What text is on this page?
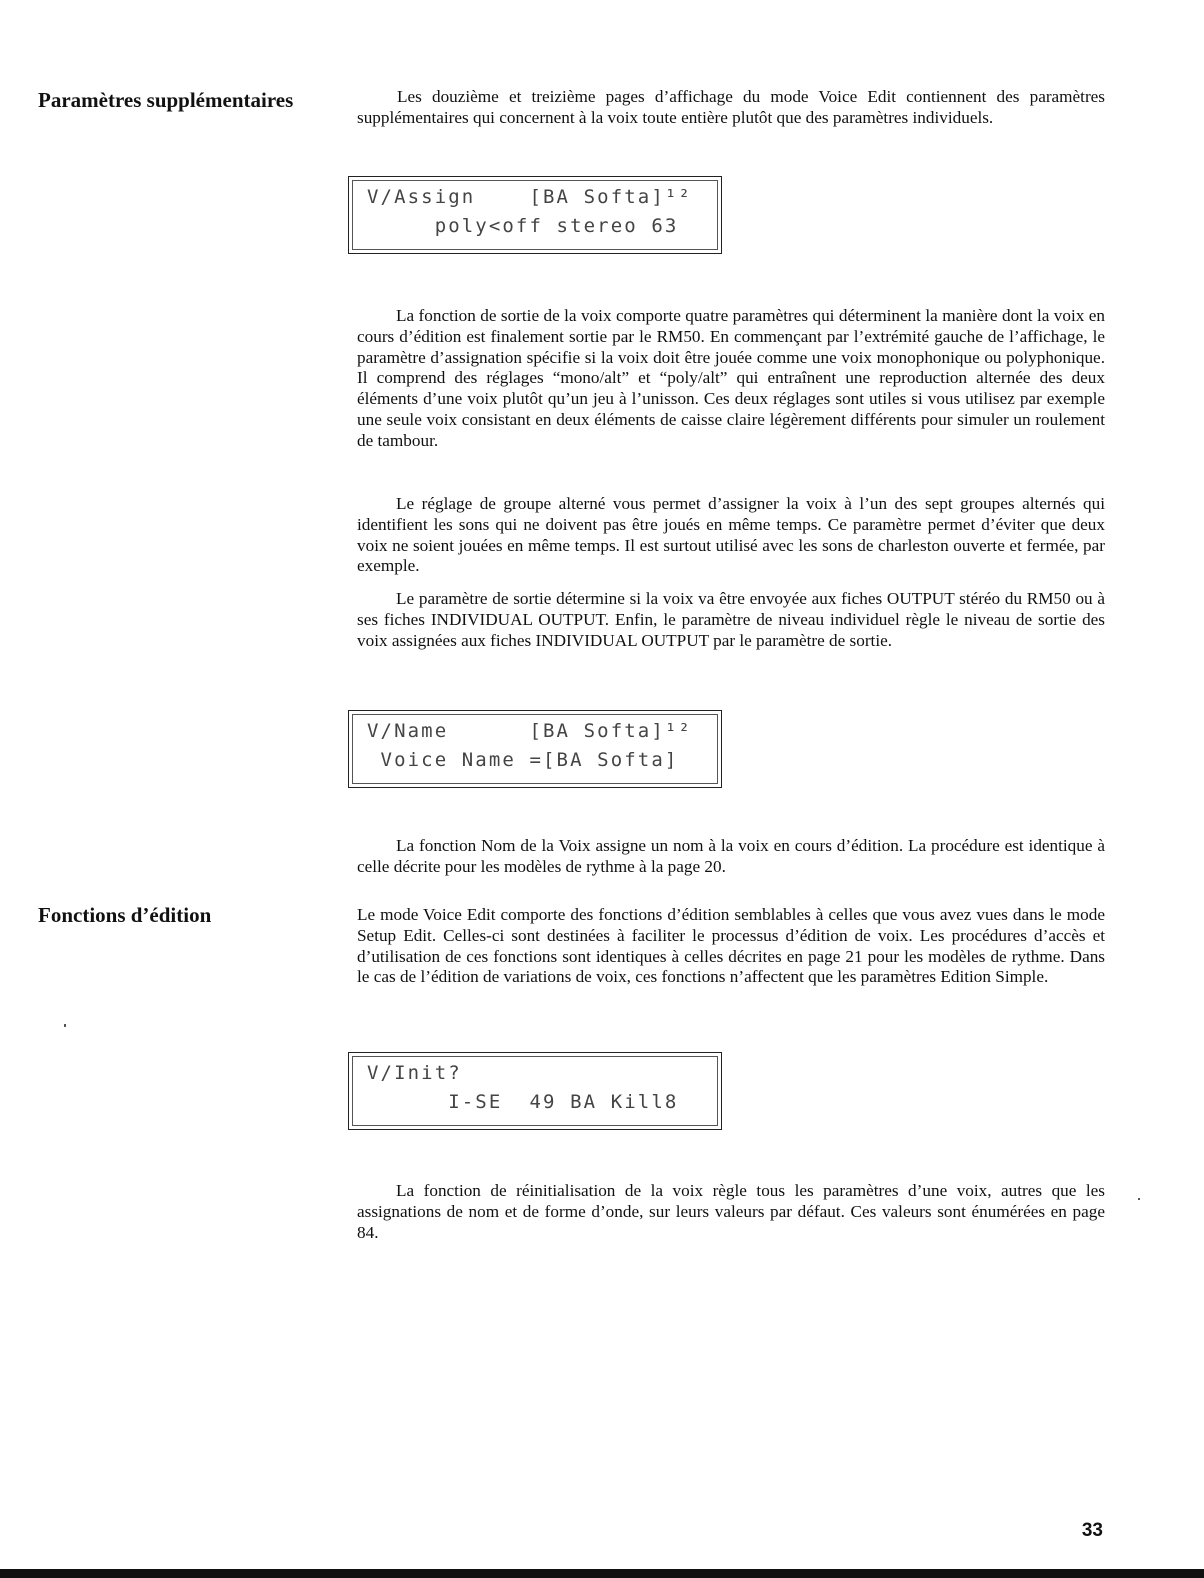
Paramètres supplémentaires	Les douzième et treizième pages d’affichage du mode Voice Edit contiennent des paramètres supplémentaires qui concernent à la voix toute entière plutôt que des paramètres individuels.
V/Assign    [BA Softa]¹²
poly<off stereo 63
La fonction de sortie de la voix comporte quatre paramètres qui déterminent la manière dont la voix en cours d’édition est finalement sortie par le RM50. En commençant par l’extrémité gauche de l’affichage, le paramètre d’assignation spécifie si la voix doit être jouée comme une voix monophonique ou polyphonique. Il comprend des réglages “mono/alt” et “poly/alt” qui entraînent une reproduction alternée des deux éléments d’une voix plutôt qu’un jeu à l’unisson. Ces deux réglages sont utiles si vous utilisez par exemple une seule voix consistant en deux éléments de caisse claire légèrement différents pour simuler un roulement de tambour.
Le réglage de groupe alterné vous permet d’assigner la voix à l’un des sept groupes alternés qui identifient les sons qui ne doivent pas être joués en même temps. Ce paramètre permet d’éviter que deux voix ne soient jouées en même temps. Il est surtout utilisé avec les sons de charleston ouverte et fermée, par exemple.
Le paramètre de sortie détermine si la voix va être envoyée aux fiches OUTPUT stéréo du RM50 ou à ses fiches INDIVIDUAL OUTPUT. Enfin, le paramètre de niveau individuel règle le niveau de sortie des voix assignées aux fiches INDIVIDUAL OUTPUT par le paramètre de sortie.
V/Name      [BA Softa]¹²
Voice Name =[BA Softa]
La fonction Nom de la Voix assigne un nom à la voix en cours d’édition. La procédure est identique à celle décrite pour les modèles de rythme à la page 20.
Fonctions d’édition	Le mode Voice Edit comporte des fonctions d’édition semblables à celles que vous avez vues dans le mode Setup Edit. Celles-ci sont destinées à faciliter le processus d’édition de voix. Les procédures d’accès et d’utilisation de ces fonctions sont identiques à celles décrites en page 21 pour les modèles de rythme. Dans le cas de l’édition de variations de voix, ces fonctions n’affectent que les paramètres Edition Simple.
V/Init?
I-SE  49 BA Kill8
La fonction de réinitialisation de la voix règle tous les paramètres d’une voix, autres que les assignations de nom et de forme d’onde, sur leurs valeurs par défaut. Ces valeurs sont énumérées en page 84.
33
